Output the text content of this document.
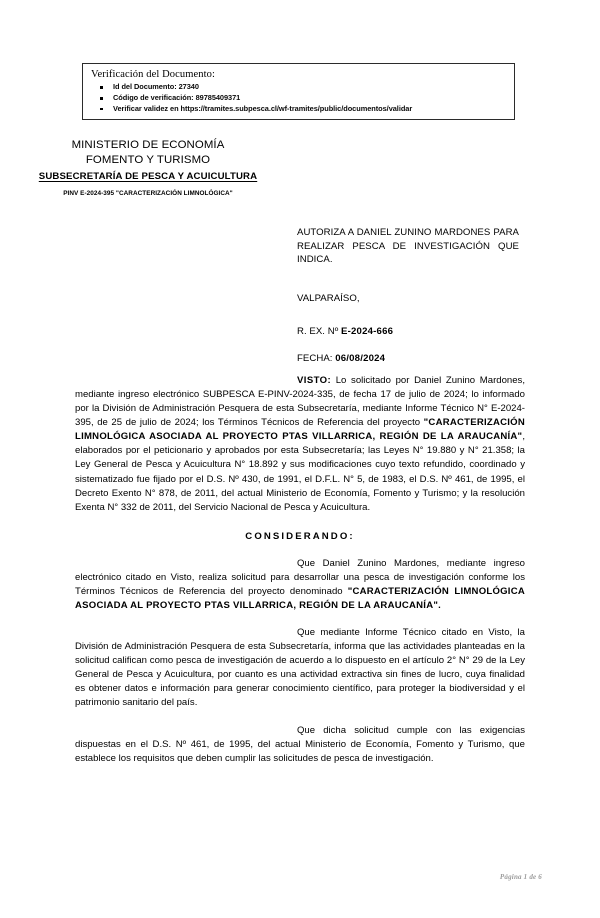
Verificación del Documento:
Id del Documento: 27340
Código de verificación: 89785409371
Verificar validez en https://tramites.subpesca.cl/wf-tramites/public/documentos/validar
MINISTERIO DE ECONOMÍA
FOMENTO Y TURISMO
SUBSECRETARÍA DE PESCA Y ACUICULTURA
PINV E-2024-395 "CARACTERIZACIÓN LIMNOLÓGICA"
AUTORIZA A DANIEL ZUNINO MARDONES PARA REALIZAR PESCA DE INVESTIGACIÓN QUE INDICA.
VALPARAÍSO,
R. EX. Nº E-2024-666
FECHA: 06/08/2024

VISTO: Lo solicitado por Daniel Zunino Mardones, mediante ingreso electrónico SUBPESCA E-PINV-2024-335, de fecha 17 de julio de 2024; lo informado por la División de Administración Pesquera de esta Subsecretaría, mediante Informe Técnico N° E-2024-395, de 25 de julio de 2024; los Términos Técnicos de Referencia del proyecto "CARACTERIZACIÓN LIMNOLÓGICA ASOCIADA AL PROYECTO PTAS VILLARRICA, REGIÓN DE LA ARAUCANÍA", elaborados por el peticionario y aprobados por esta Subsecretaría; las Leyes N° 19.880 y N° 21.358; la Ley General de Pesca y Acuicultura N° 18.892 y sus modificaciones cuyo texto refundido, coordinado y sistematizado fue fijado por el D.S. Nº 430, de 1991, el D.F.L. N° 5, de 1983, el D.S. Nº 461, de 1995, el Decreto Exento N° 878, de 2011, del actual Ministerio de Economía, Fomento y Turismo; y la resolución Exenta N° 332 de 2011, del Servicio Nacional de Pesca y Acuicultura.

CONSIDERANDO:

Que Daniel Zunino Mardones, mediante ingreso electrónico citado en Visto, realiza solicitud para desarrollar una pesca de investigación conforme los Términos Técnicos de Referencia del proyecto denominado "CARACTERIZACIÓN LIMNOLÓGICA ASOCIADA AL PROYECTO PTAS VILLARRICA, REGIÓN DE LA ARAUCANÍA".

Que mediante Informe Técnico citado en Visto, la División de Administración Pesquera de esta Subsecretaría, informa que las actividades planteadas en la solicitud califican como pesca de investigación de acuerdo a lo dispuesto en el artículo 2° N° 29 de la Ley General de Pesca y Acuicultura, por cuanto es una actividad extractiva sin fines de lucro, cuya finalidad es obtener datos e información para generar conocimiento científico, para proteger la biodiversidad y el patrimonio sanitario del país.

Que dicha solicitud cumple con las exigencias dispuestas en el D.S. Nº 461, de 1995, del actual Ministerio de Economía, Fomento y Turismo, que establece los requisitos que deben cumplir las solicitudes de pesca de investigación.

Página 1 de 6
